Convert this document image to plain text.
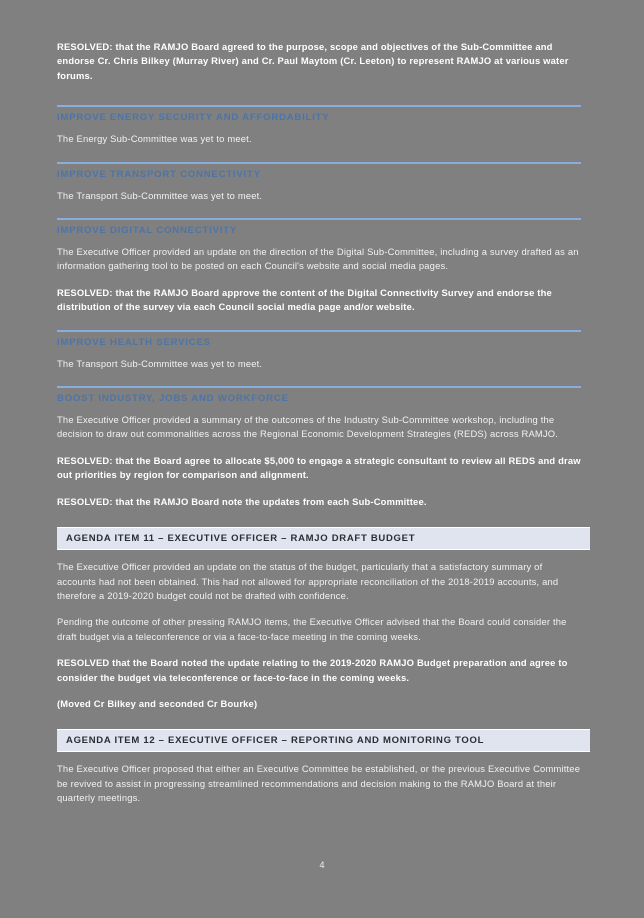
RESOLVED: that the RAMJO Board agreed to the purpose, scope and objectives of the Sub-Committee and endorse Cr. Chris Bilkey (Murray River) and Cr. Paul Maytom (Cr. Leeton) to represent RAMJO at various water forums.

IMPROVE ENERGY SECURITY AND AFFORDABILITY

The Energy Sub-Committee was yet to meet.

IMPROVE TRANSPORT CONNECTIVITY

The Transport Sub-Committee was yet to meet.

IMPROVE DIGITAL CONNECTIVITY

The Executive Officer provided an update on the direction of the Digital Sub-Committee, including a survey drafted as an information gathering tool to be posted on each Council's website and social media pages.

RESOLVED: that the RAMJO Board approve the content of the Digital Connectivity Survey and endorse the distribution of the survey via each Council social media page and/or website.

IMPROVE HEALTH SERVICES

The Transport Sub-Committee was yet to meet.

BOOST INDUSTRY, JOBS AND WORKFORCE

The Executive Officer provided a summary of the outcomes of the Industry Sub-Committee workshop, including the decision to draw out commonalities across the Regional Economic Development Strategies (REDS) across RAMJO.

RESOLVED: that the Board agree to allocate $5,000 to engage a strategic consultant to review all REDS and draw out priorities by region for comparison and alignment.

RESOLVED: that the RAMJO Board note the updates from each Sub-Committee.

AGENDA ITEM 11 – EXECUTIVE OFFICER – RAMJO DRAFT BUDGET

The Executive Officer provided an update on the status of the budget, particularly that a satisfactory summary of accounts had not been obtained. This had not allowed for appropriate reconciliation of the 2018-2019 accounts, and therefore a 2019-2020 budget could not be drafted with confidence.

Pending the outcome of other pressing RAMJO items, the Executive Officer advised that the Board could consider the draft budget via a teleconference or via a face-to-face meeting in the coming weeks.

RESOLVED that the Board noted the update relating to the 2019-2020 RAMJO Budget preparation and agree to consider the budget via teleconference or face-to-face in the coming weeks.

(Moved Cr Bilkey and seconded Cr Bourke)

AGENDA ITEM 12 – EXECUTIVE OFFICER – REPORTING AND MONITORING TOOL

The Executive Officer proposed that either an Executive Committee be established, or the previous Executive Committee be revived to assist in progressing streamlined recommendations and decision making to the RAMJO Board at their quarterly meetings.

4
